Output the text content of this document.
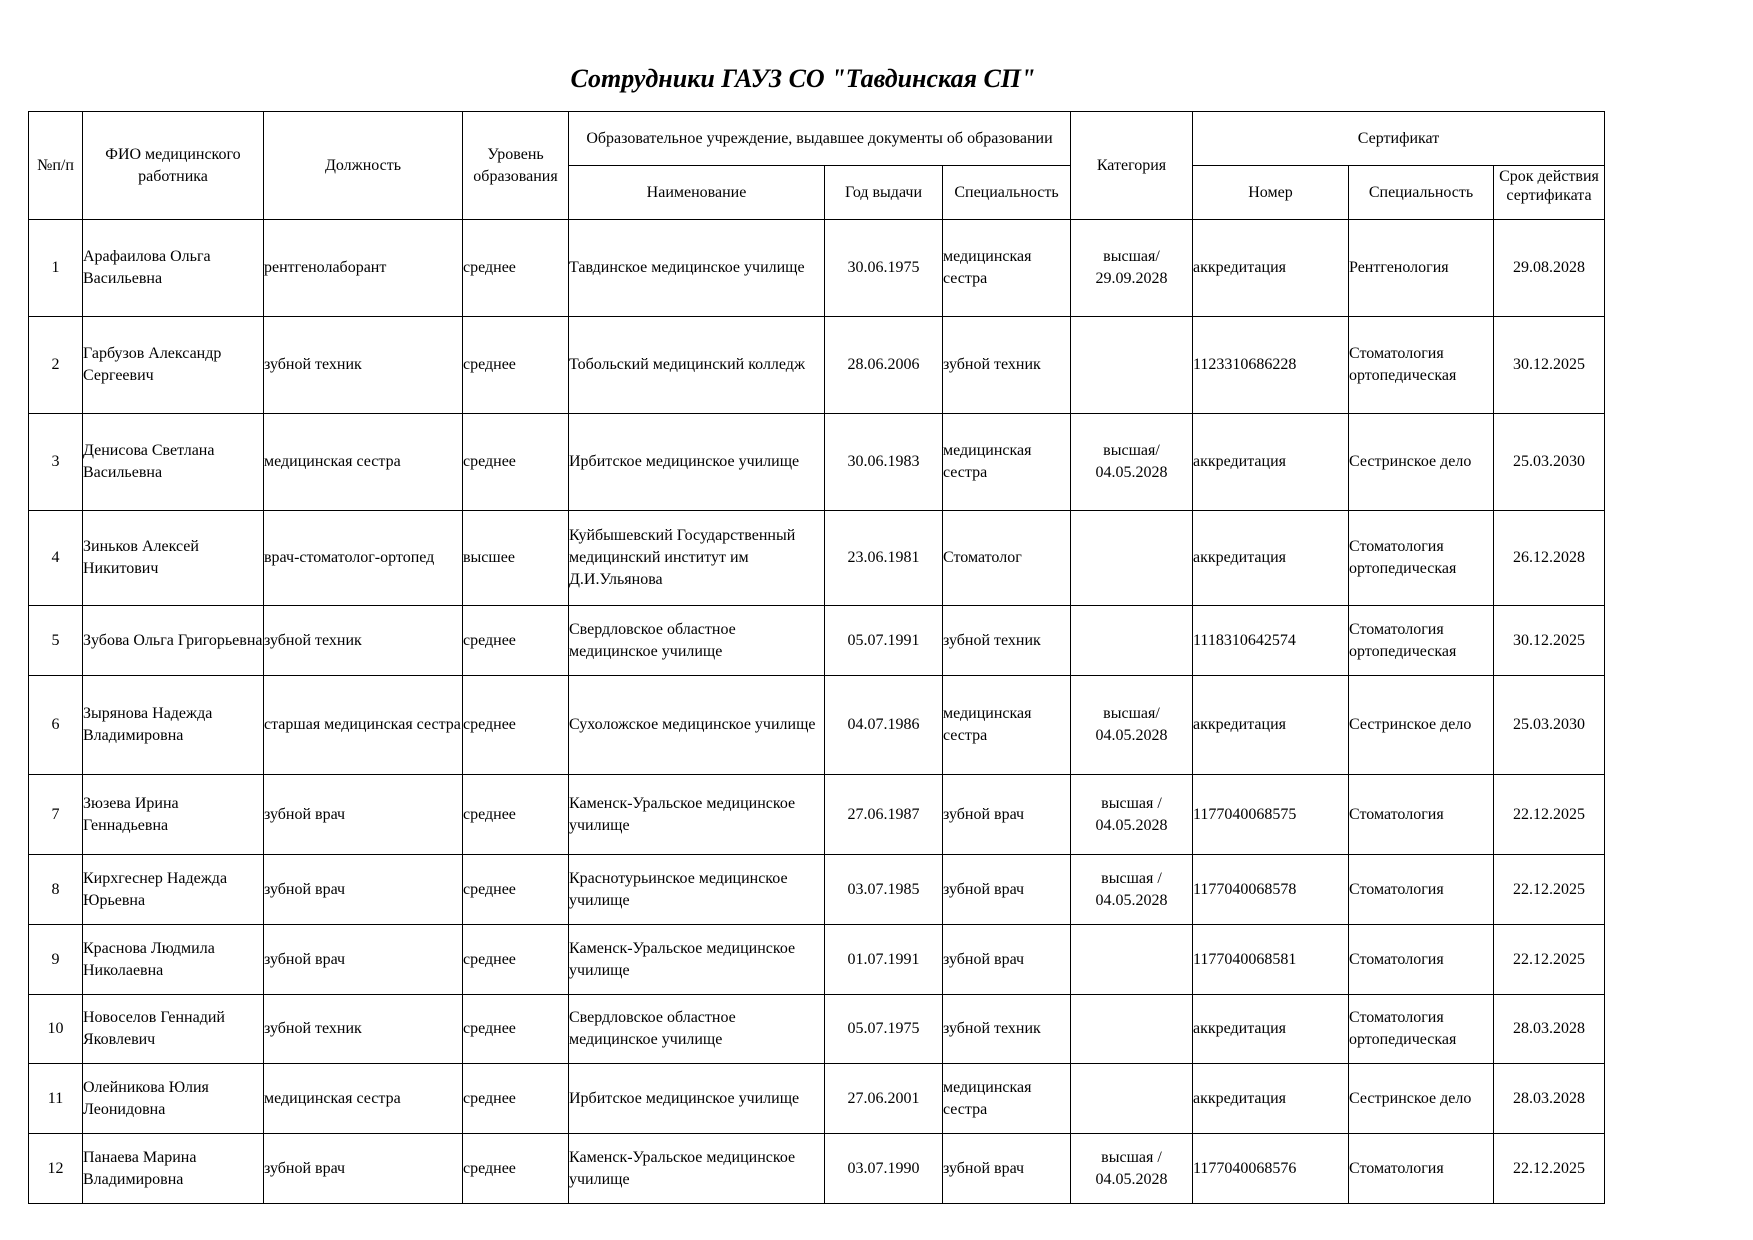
Сотрудники ГАУЗ СО "Тавдинская СП"
№п/п	ФИО медицинского работника	Должность	Уровень образования	Образовательное учреждение, выдавшее документы об образовании			Категория	Сертификат		
				Наименование	Год выдачи	Специальность		Номер	Специальность	Срок действия сертификата

1	Арафаилова Ольга Васильевна	рентгенолаборант	среднее	Тавдинское медицинское училище	30.06.1975	медицинская сестра	высшая/ 29.09.2028	аккредитация	Рентгенология	29.08.2028
2	Гарбузов Александр Сергеевич	зубной техник	среднее	Тобольский медицинский колледж	28.06.2006	зубной техник		1123310686228	Стоматология ортопедическая	30.12.2025
3	Денисова Светлана Васильевна	медицинская сестра	среднее	Ирбитское медицинское училище	30.06.1983	медицинская сестра	высшая/ 04.05.2028	аккредитация	Сестринское дело	25.03.2030
4	Зиньков Алексей Никитович	врач-стоматолог-ортопед	высшее	Куйбышевский Государственный медицинский институт им Д.И.Ульянова	23.06.1981	Стоматолог		аккредитация	Стоматология ортопедическая	26.12.2028
5	Зубова Ольга Григорьевна	зубной техник	среднее	Свердловское областное медицинское училище	05.07.1991	зубной техник		1118310642574	Стоматология ортопедическая	30.12.2025
6	Зырянова Надежда Владимировна	старшая медицинская сестра	среднее	Сухоложское медицинское училище	04.07.1986	медицинская сестра	высшая/ 04.05.2028	аккредитация	Сестринское дело	25.03.2030
7	Зюзева Ирина Геннадьевна	зубной врач	среднее	Каменск-Уральское медицинское училище	27.06.1987	зубной врач	высшая / 04.05.2028	1177040068575	Стоматология	22.12.2025
8	Кирхгеснер Надежда Юрьевна	зубной врач	среднее	Краснотурьинское медицинское училище	03.07.1985	зубной врач	высшая / 04.05.2028	1177040068578	Стоматология	22.12.2025
9	Краснова Людмила Николаевна	зубной врач	среднее	Каменск-Уральское медицинское училище	01.07.1991	зубной врач		1177040068581	Стоматология	22.12.2025
10	Новоселов Геннадий Яковлевич	зубной техник	среднее	Свердловское областное медицинское училище	05.07.1975	зубной техник		аккредитация	Стоматология ортопедическая	28.03.2028
11	Олейникова Юлия Леонидовна	медицинская сестра	среднее	Ирбитское медицинское училище	27.06.2001	медицинская сестра		аккредитация	Сестринское дело	28.03.2028
12	Панаева Марина Владимировна	зубной врач	среднее	Каменск-Уральское медицинское училище	03.07.1990	зубной врач	высшая / 04.05.2028	1177040068576	Стоматология	22.12.2025
